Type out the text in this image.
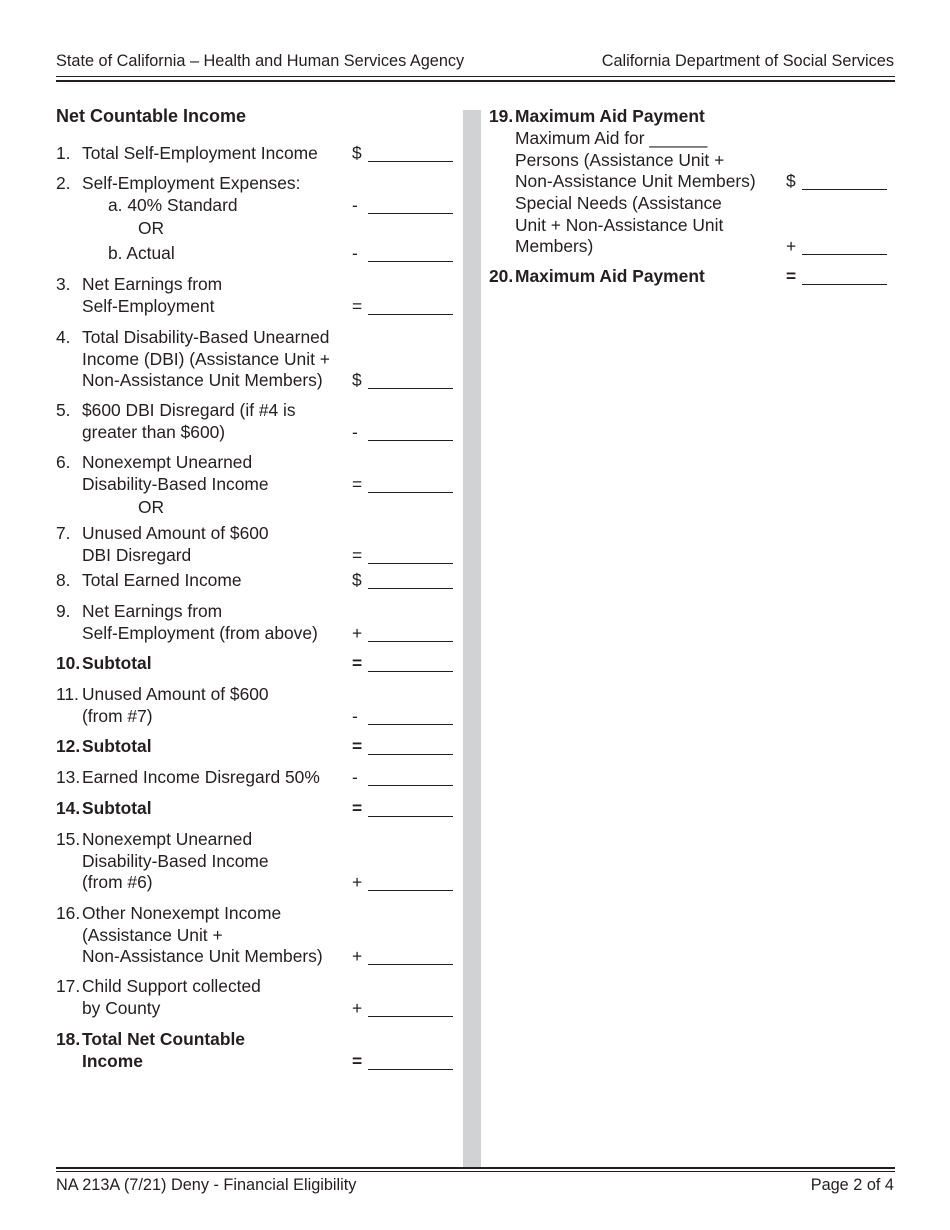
State of California – Health and Human Services Agency	California Department of Social Services
Net Countable Income
1. Total Self-Employment Income $
2. Self-Employment Expenses:
a. 40% Standard	-
OR
b. Actual	-
3. Net Earnings from
Self-Employment	=
4. Total Disability-Based Unearned
Income (DBI) (Assistance Unit +
Non-Assistance Unit Members) $
5. $600 DBI Disregard (if #4 is
greater than $600)	-
6. Nonexempt Unearned
Disability-Based Income	=
OR
7. Unused Amount of $600
DBI Disregard	=
8. Total Earned Income	$
9. Net Earnings from
Self-Employment (from above) +
10. Subtotal	=
11. Unused Amount of $600
(from #7)	-
12. Subtotal	=
13. Earned Income Disregard 50% -
14. Subtotal	=
15. Nonexempt Unearned
Disability-Based Income
(from #6)	+
16. Other Nonexempt Income
(Assistance Unit +
Non-Assistance Unit Members) +
17. Child Support collected
by County	+
18. Total Net Countable
Income	=
19. Maximum Aid Payment
Maximum Aid for ______
Persons (Assistance Unit +
Non-Assistance Unit Members) $
Special Needs (Assistance
Unit + Non-Assistance Unit
Members)	+
20. Maximum Aid Payment	=
NA 213A (7/21) Deny - Financial Eligibility	Page 2 of 4
